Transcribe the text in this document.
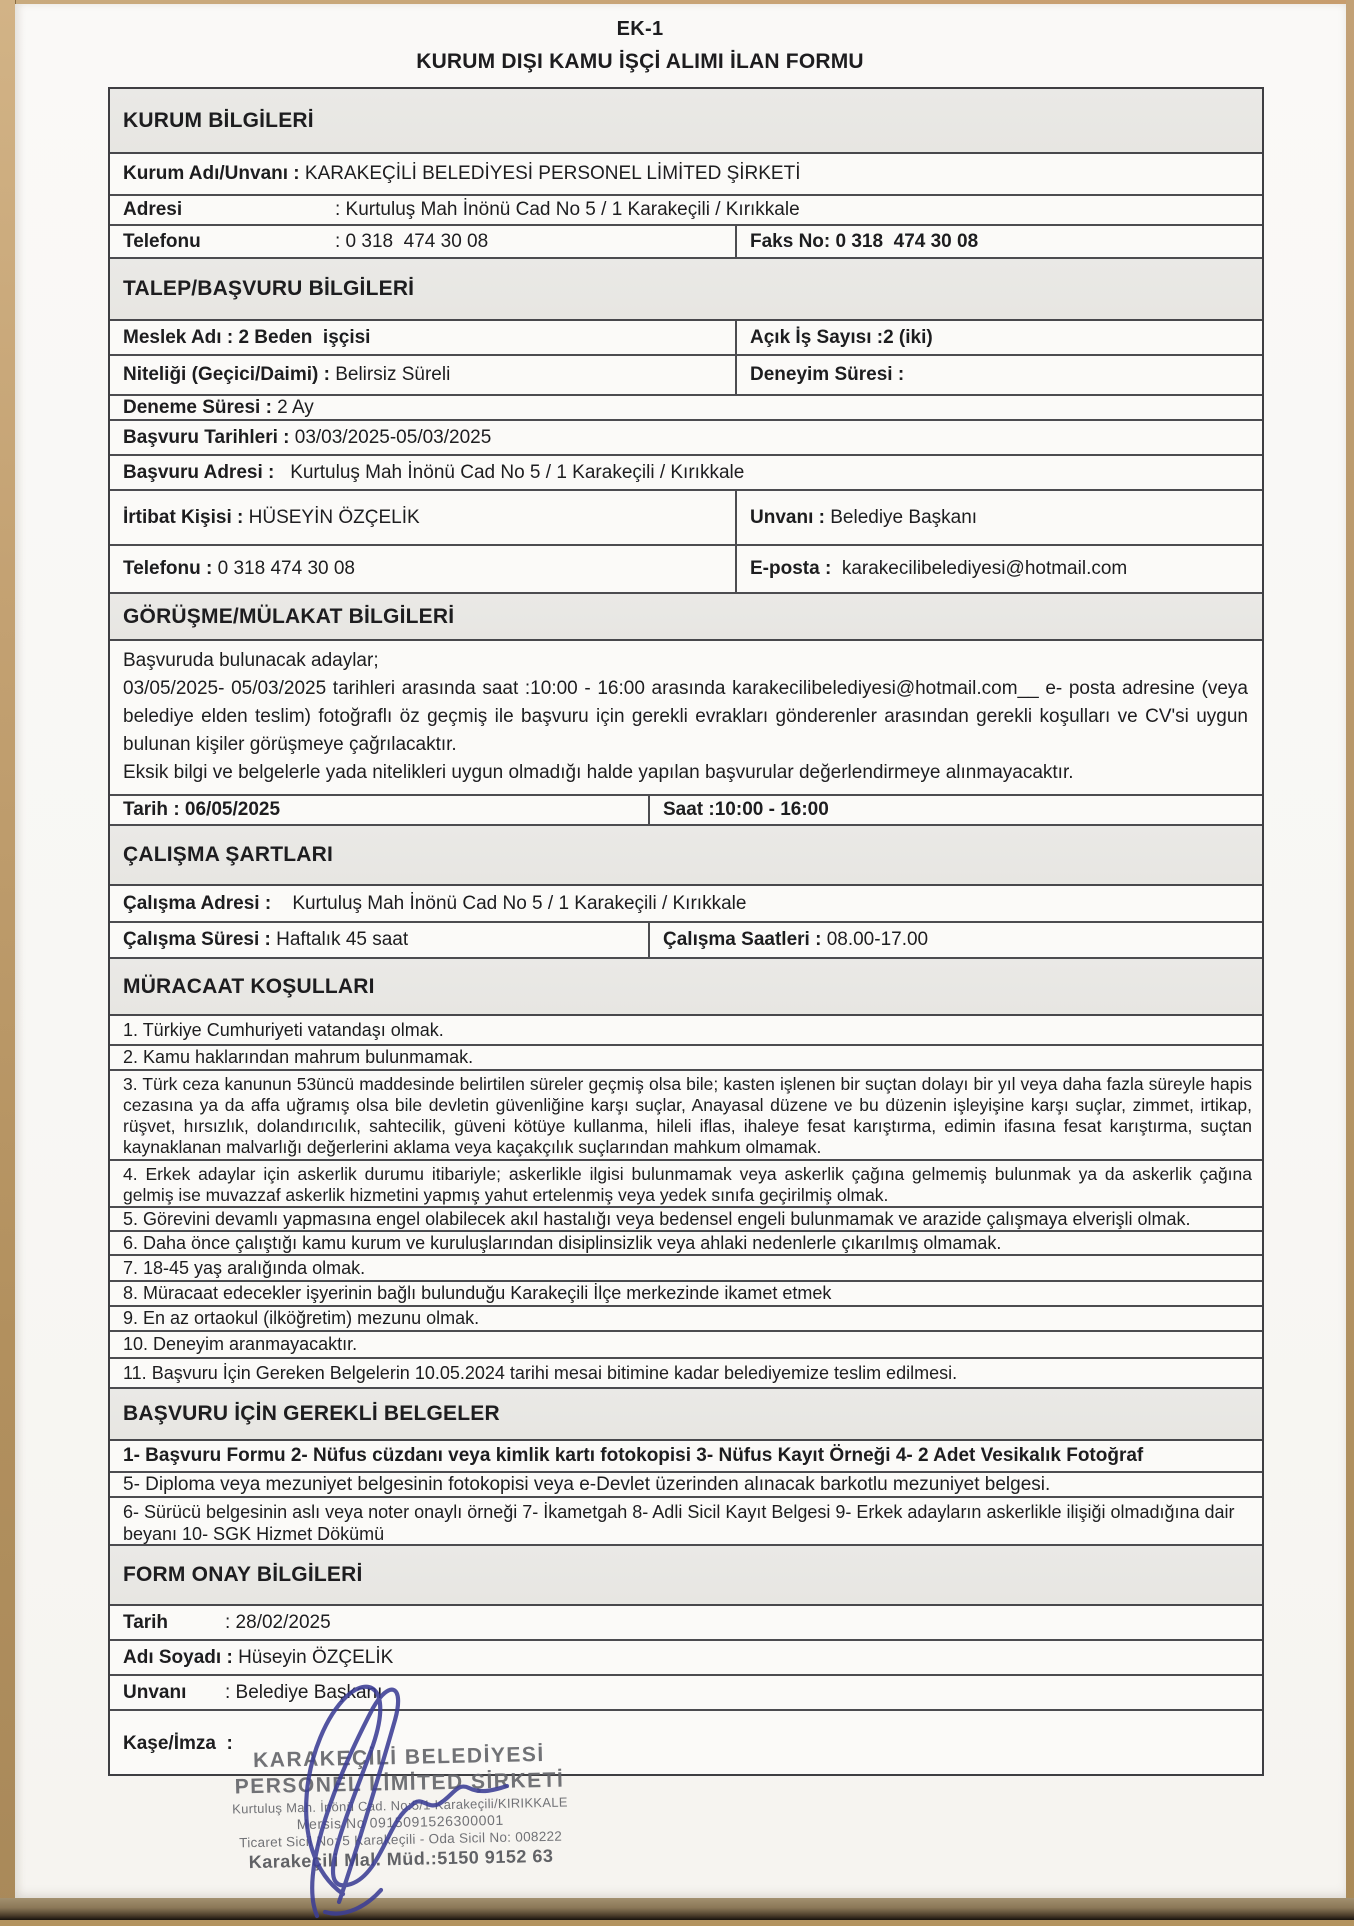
EK-1
KURUM DIŞI KAMU İŞÇİ ALIMI İLAN FORMU
KURUM BİLGİLERİ
Kurum Adı/Unvanı : KARAKEÇİLİ BELEDİYESİ PERSONEL LİMİTED ŞİRKETİ
Adresi	: Kurtuluş Mah İnönü Cad No 5 / 1 Karakeçili / Kırıkkale
Telefonu	: 0 318  474 30 08	Faks No: 0 318  474 30 08
TALEP/BAŞVURU BİLGİLERİ
Meslek Adı : 2 Beden  işçisi	Açık İş Sayısı :2 (iki)
Niteliği (Geçici/Daimi) : Belirsiz Süreli	Deneyim Süresi :
Deneme Süresi : 2 Ay
Başvuru Tarihleri : 03/03/2025-05/03/2025
Başvuru Adresi : Kurtuluş Mah İnönü Cad No 5 / 1 Karakeçili / Kırıkkale
İrtibat Kişisi : HÜSEYİN ÖZÇELİK	Unvanı : Belediye Başkanı
Telefonu : 0 318 474 30 08	E-posta : karakecilibelediyesi@hotmail.com
GÖRÜŞME/MÜLAKAT BİLGİLERİ
Başvuruda bulunacak adaylar;
03/05/2025- 05/03/2025 tarihleri arasında saat :10:00 - 16:00 arasında karakecilibelediyesi@hotmail.com__ e- posta adresine (veya belediye elden teslim) fotoğraflı öz geçmiş ile başvuru için gerekli evrakları gönderenler arasından gerekli koşulları ve CV'si uygun bulunan kişiler görüşmeye çağrılacaktır.
Eksik bilgi ve belgelerle yada nitelikleri uygun olmadığı halde yapılan başvurular değerlendirmeye alınmayacaktır.
Tarih : 06/05/2025	Saat :10:00 - 16:00
ÇALIŞMA ŞARTLARI
Çalışma Adresi : Kurtuluş Mah İnönü Cad No 5 / 1 Karakeçili / Kırıkkale
Çalışma Süresi : Haftalık 45 saat	Çalışma Saatleri : 08.00-17.00
MÜRACAAT KOŞULLARI
1. Türkiye Cumhuriyeti vatandaşı olmak.
2. Kamu haklarından mahrum bulunmamak.
3. Türk ceza kanunun 53üncü maddesinde belirtilen süreler geçmiş olsa bile; kasten işlenen bir suçtan dolayı bir yıl veya daha fazla süreyle hapis cezasına ya da affa uğramış olsa bile devletin güvenliğine karşı suçlar, Anayasal düzene ve bu düzenin işleyişine karşı suçlar, zimmet, irtikap, rüşvet, hırsızlık, dolandırıcılık, sahtecilik, güveni kötüye kullanma, hileli iflas, ihaleye fesat karıştırma, edimin ifasına fesat karıştırma, suçtan kaynaklanan malvarlığı değerlerini aklama veya kaçakçılık suçlarından mahkum olmamak.
4. Erkek adaylar için askerlik durumu itibariyle; askerlikle ilgisi bulunmamak veya askerlik çağına gelmemiş bulunmak ya da askerlik çağına gelmiş ise muvazzaf askerlik hizmetini yapmış yahut ertelenmiş veya yedek sınıfa geçirilmiş olmak.
5. Görevini devamlı yapmasına engel olabilecek akıl hastalığı veya bedensel engeli bulunmamak ve arazide çalışmaya elverişli olmak.
6. Daha önce çalıştığı kamu kurum ve kuruluşlarından disiplinsizlik veya ahlaki nedenlerle çıkarılmış olmamak.
7. 18-45 yaş aralığında olmak.
8. Müracaat edecekler işyerinin bağlı bulunduğu Karakeçili İlçe merkezinde ikamet etmek
9. En az ortaokul (ilköğretim) mezunu olmak.
10. Deneyim aranmayacaktır.
11. Başvuru İçin Gereken Belgelerin 10.05.2024 tarihi mesai bitimine kadar belediyemize teslim edilmesi.
BAŞVURU İÇİN GEREKLİ BELGELER
1- Başvuru Formu 2- Nüfus cüzdanı veya kimlik kartı fotokopisi 3- Nüfus Kayıt Örneği 4- 2 Adet Vesikalık Fotoğraf
5- Diploma veya mezuniyet belgesinin fotokopisi veya e-Devlet üzerinden alınacak barkotlu mezuniyet belgesi.
6- Sürücü belgesinin aslı veya noter onaylı örneği 7- İkametgah 8- Adli Sicil Kayıt Belgesi 9- Erkek adayların askerlikle ilişiği olmadığına dair beyanı 10- SGK Hizmet Dökümü
FORM ONAY BİLGİLERİ
Tarih	: 28/02/2025
Adı Soyadı : Hüseyin ÖZÇELİK
Unvanı	: Belediye Başkanı
Kaşe/İmza  : KARAKEÇİLİ BELEDİYESİ
PERSONEL LİMİTED ŞİRKETİ
Kurtuluş Mah. İnönü Cad. No:5/1 Karakeçili/KIRIKKALE
Mersis No 0915091526300001
Ticaret Sicil No: 5 Karakeçili - Oda Sicil No: 008222
Karakeçili Mal. Müd.:5150 9152 63
